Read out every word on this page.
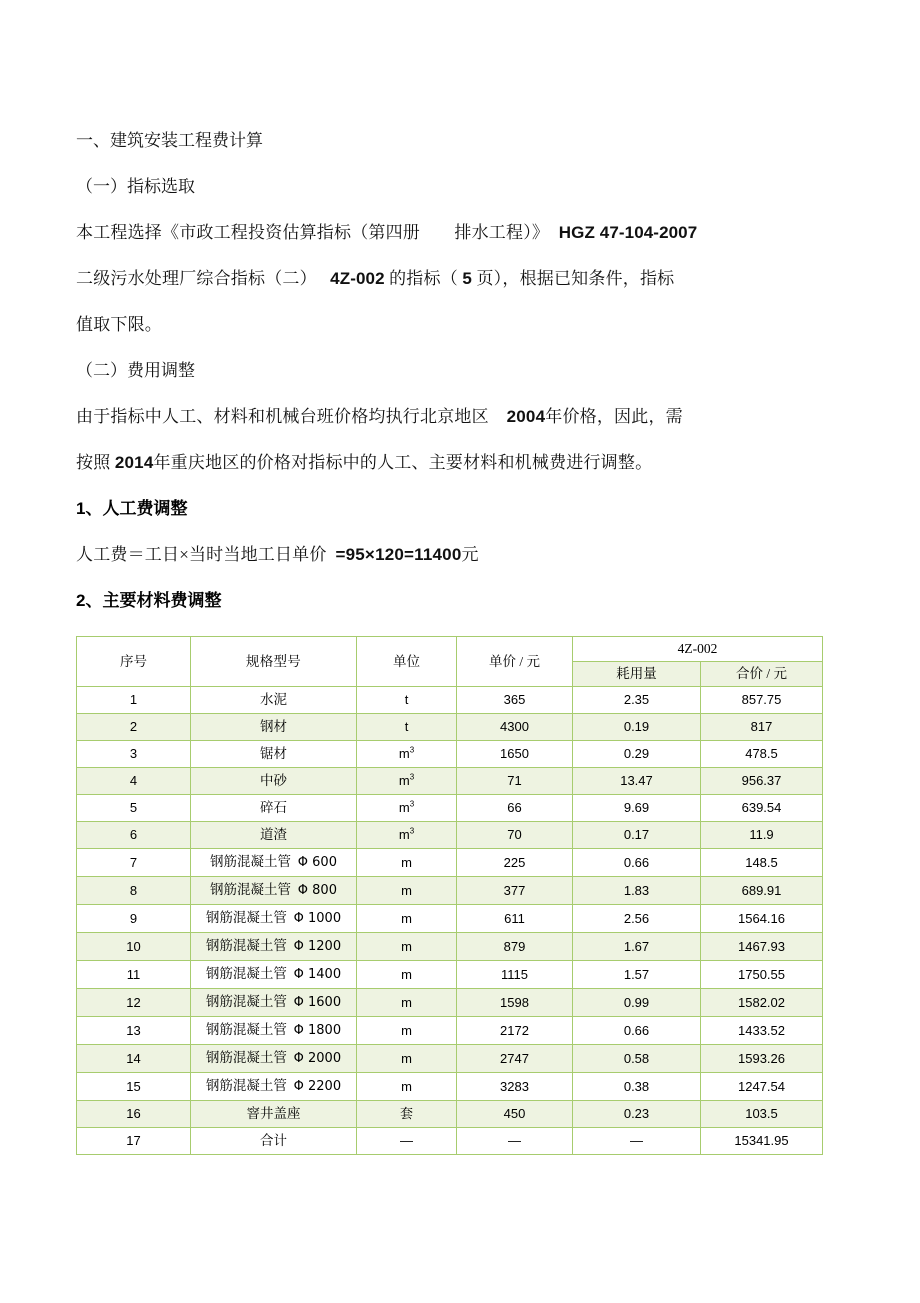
一、建筑安装工程费计算
（一）指标选取
本工程选择《市政工程投资估算指标（第四册　　排水工程）》 HGZ 47-104-2007
二级污水处理厂综合指标（二） 4Z-002 的指标（ 5 页），根据已知条件，指标
值取下限。
（二）费用调整
由于指标中人工、材料和机械台班价格均执行北京地区 2004年价格，因此，需
按照 2014年重庆地区的价格对指标中的人工、主要材料和机械费进行调整。
1、人工费调整
人工费＝工日×当时当地工日单价 =95×120=11400元
2、主要材料费调整
序号	规格型号	单位	单价 / 元	4Z-002	
				耗用量	合价 / 元
1	水泥	t	365	2.35	857.75
2	钢材	t	4300	0.19	817
3	锯材	$m^3$	1650	0.29	478.5
4	中砂	$m^3$	71	13.47	956.37
5	碎石	$m^3$	66	9.69	639.54
6	道渣	$m^3$	70	0.17	11.9
7	钢筋混凝土管 Φ 600	m	225	0.66	148.5
8	钢筋混凝土管 Φ 800	m	377	1.83	689.91
9	钢筋混凝土管 Φ 1000	m	611	2.56	1564.16
10	钢筋混凝土管 Φ 1200	m	879	1.67	1467.93
11	钢筋混凝土管 Φ 1400	m	1115	1.57	1750.55
12	钢筋混凝土管 Φ 1600	m	1598	0.99	1582.02
13	钢筋混凝土管 Φ 1800	m	2172	0.66	1433.52
14	钢筋混凝土管 Φ 2000	m	2747	0.58	1593.26
15	钢筋混凝土管 Φ 2200	m	3283	0.38	1247.54
16	窨井盖座	套	450	0.23	103.5
17	合计	—	—	—	15341.95
